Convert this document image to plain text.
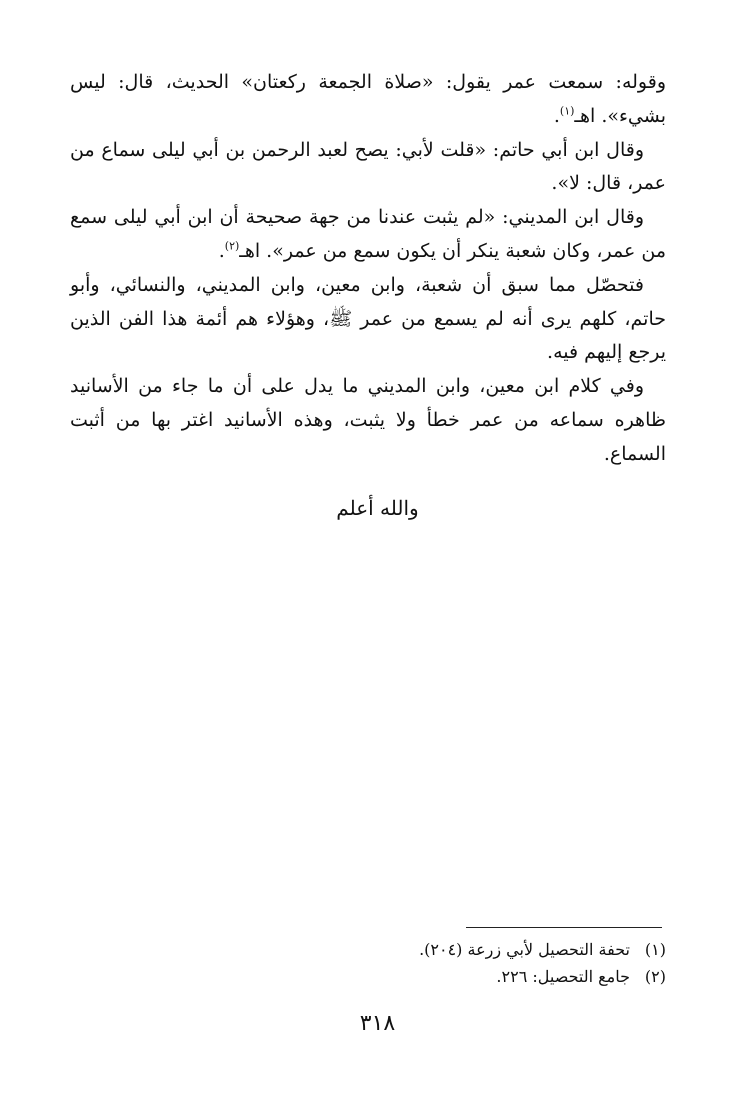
وقوله: سمعت عمر يقول: «صلاة الجمعة ركعتان» الحديث، قال: ليس بشيء». اهـ$^{(١)}$.

وقال ابن أبي حاتم: «قلت لأبي: يصح لعبد الرحمن بن أبي ليلى سماع من عمر، قال: لا».

وقال ابن المديني: «لم يثبت عندنا من جهة صحيحة أن ابن أبي ليلى سمع من عمر، وكان شعبة ينكر أن يكون سمع من عمر». اهـ$^{(٢)}$.

فتحصّل مما سبق أن شعبة، وابن معين، وابن المديني، والنسائي، وأبو حاتم، كلهم يرى أنه لم يسمع من عمر ﷺ، وهؤلاء هم أئمة هذا الفن الذين يرجع إليهم فيه.

وفي كلام ابن معين، وابن المديني ما يدل على أن ما جاء من الأسانيد ظاهره سماعه من عمر خطأ ولا يثبت، وهذه الأسانيد اغتر بها من أثبت السماع.

والله أعلم
(١)
تحفة التحصيل لأبي زرعة (٢٠٤).
(٢)
جامع التحصيل: ٢٢٦.
٣١٨
